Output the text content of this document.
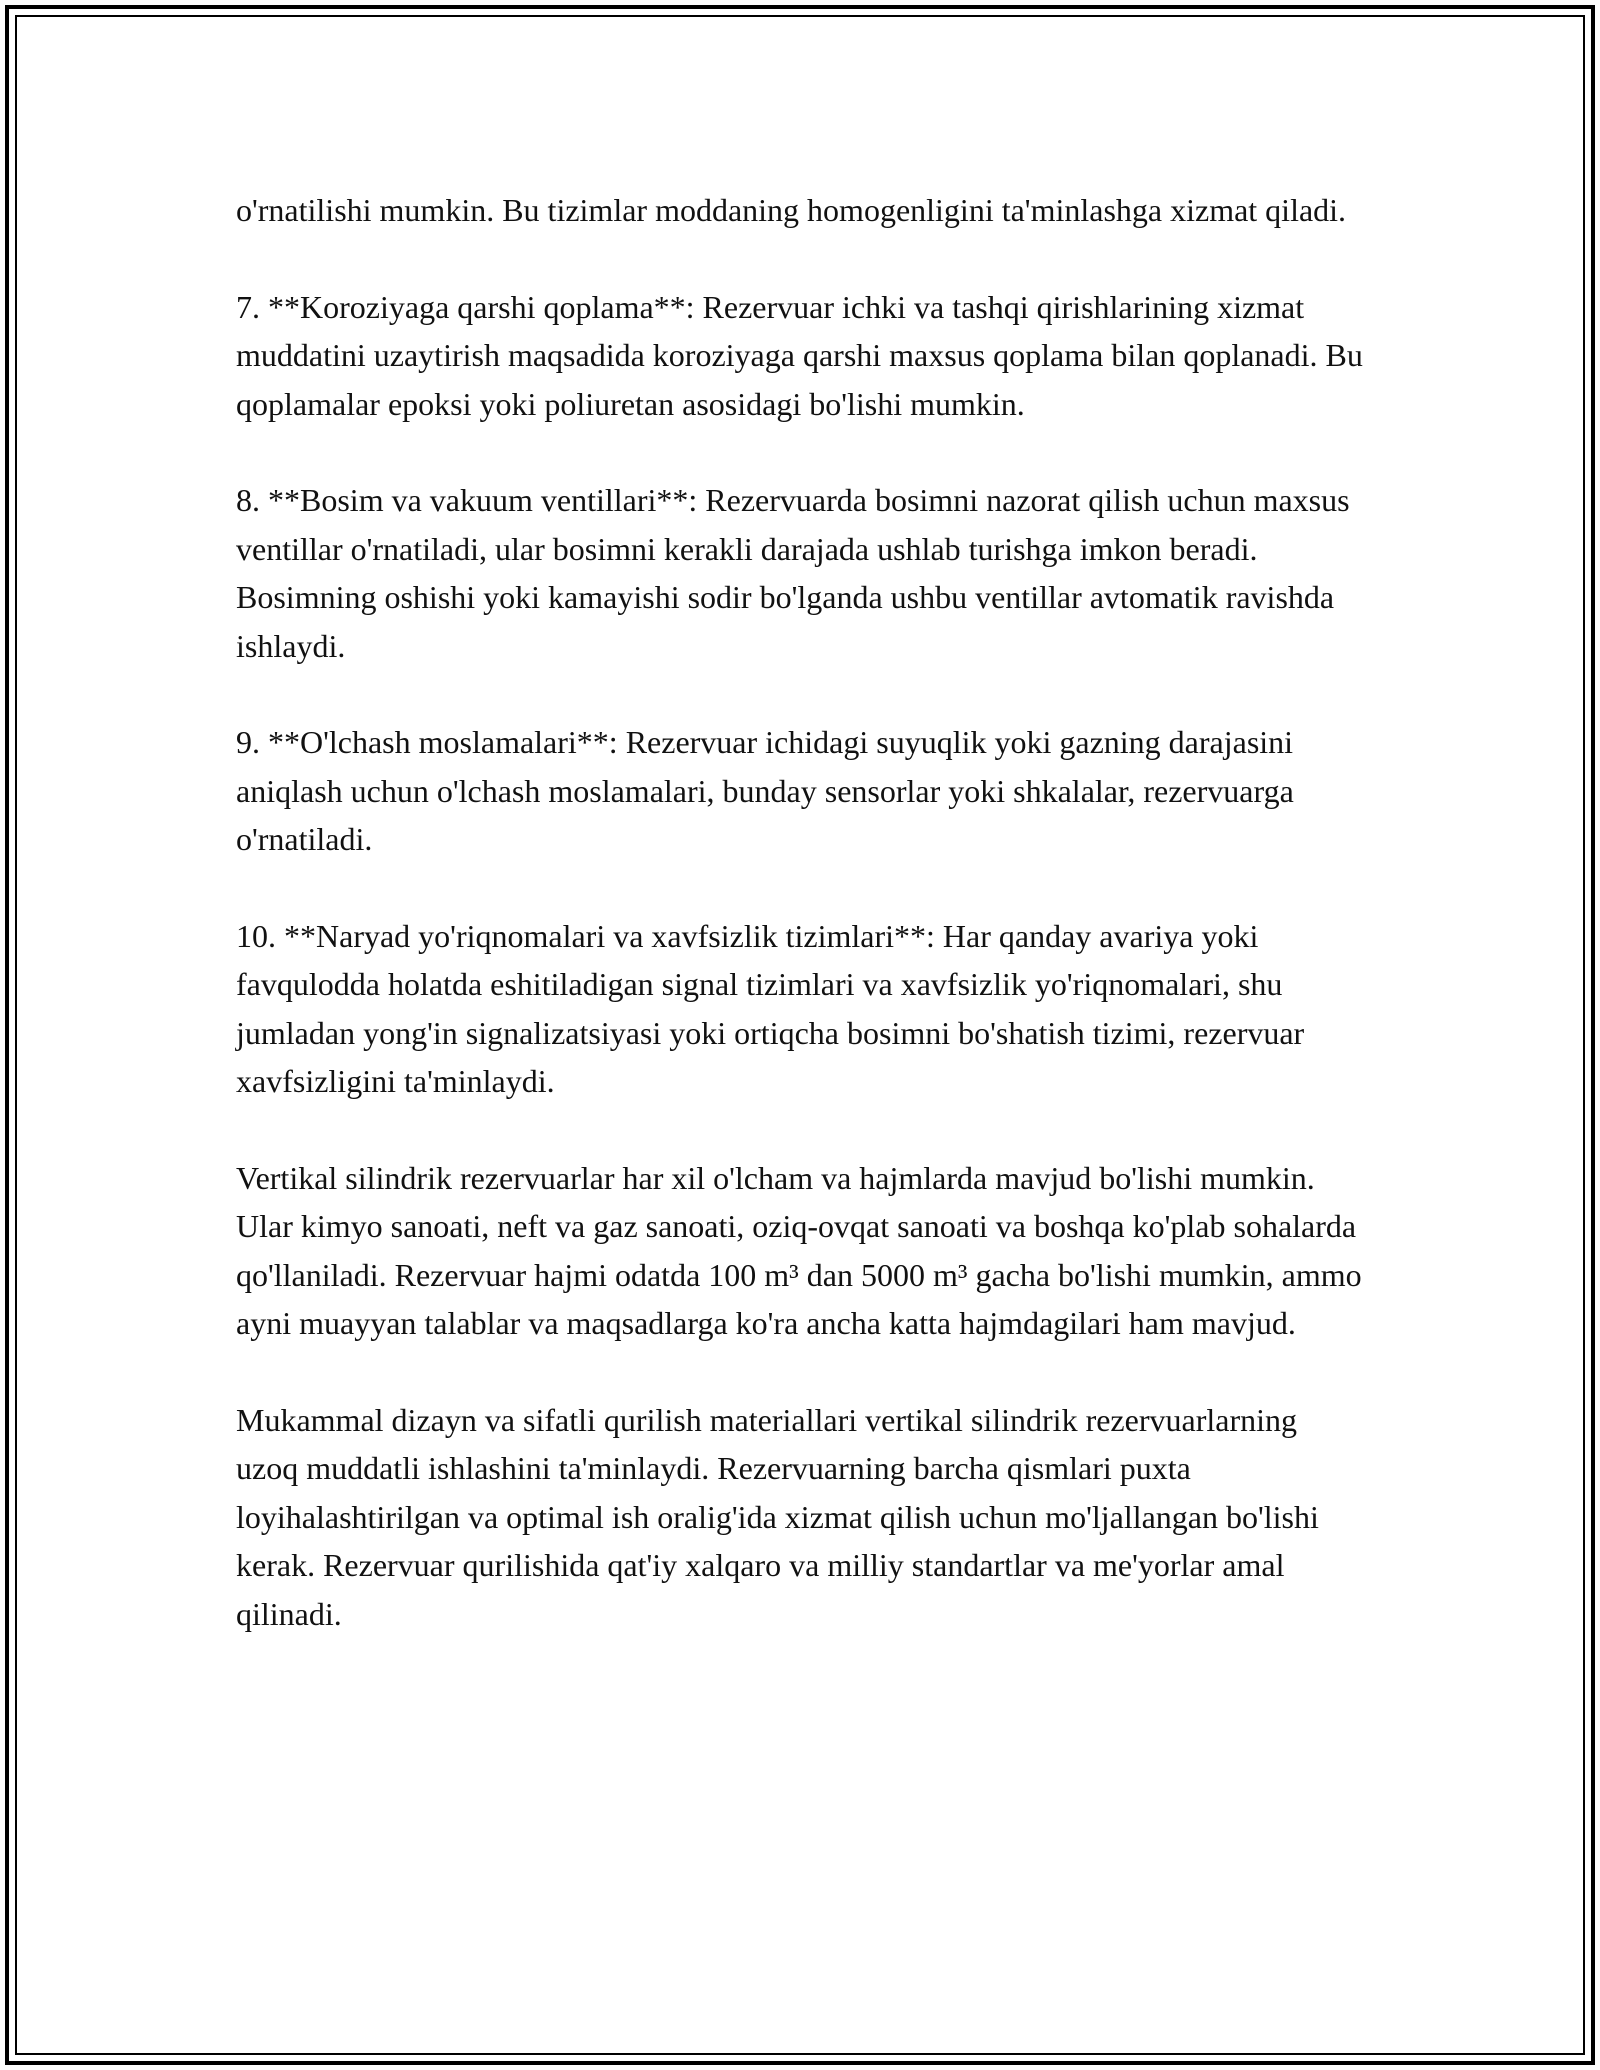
o'rnatilishi mumkin. Bu tizimlar moddaning homogenligini ta'minlashga xizmat qiladi.

7. **Koroziyaga qarshi qoplama**: Rezervuar ichki va tashqi qirishlarining xizmat muddatini uzaytirish maqsadida koroziyaga qarshi maxsus qoplama bilan qoplanadi. Bu qoplamalar epoksi yoki poliuretan asosidagi bo'lishi mumkin.

8. **Bosim va vakuum ventillari**: Rezervuarda bosimni nazorat qilish uchun maxsus ventillar o'rnatiladi, ular bosimni kerakli darajada ushlab turishga imkon beradi. Bosimning oshishi yoki kamayishi sodir bo'lganda ushbu ventillar avtomatik ravishda ishlaydi.

9. **O'lchash moslamalari**: Rezervuar ichidagi suyuqlik yoki gazning darajasini aniqlash uchun o'lchash moslamalari, bunday sensorlar yoki shkalalar, rezervuarga o'rnatiladi.

10. **Naryad yo'riqnomalari va xavfsizlik tizimlari**: Har qanday avariya yoki favqulodda holatda eshitiladigan signal tizimlari va xavfsizlik yo'riqnomalari, shu jumladan yong'in signalizatsiyasi yoki ortiqcha bosimni bo'shatish tizimi, rezervuar xavfsizligini ta'minlaydi.

Vertikal silindrik rezervuarlar har xil o'lcham va hajmlarda mavjud bo'lishi mumkin. Ular kimyo sanoati, neft va gaz sanoati, oziq-ovqat sanoati va boshqa ko'plab sohalarda qo'llaniladi. Rezervuar hajmi odatda 100 m³ dan 5000 m³ gacha bo'lishi mumkin, ammo ayni muayyan talablar va maqsadlarga ko'ra ancha katta hajmdagilari ham mavjud.

Mukammal dizayn va sifatli qurilish materiallari vertikal silindrik rezervuarlarning uzoq muddatli ishlashini ta'minlaydi. Rezervuarning barcha qismlari puxta loyihalashtirilgan va optimal ish oralig'ida xizmat qilish uchun mo'ljallangan bo'lishi kerak. Rezervuar qurilishida qat'iy xalqaro va milliy standartlar va me'yorlar amal qilinadi.
